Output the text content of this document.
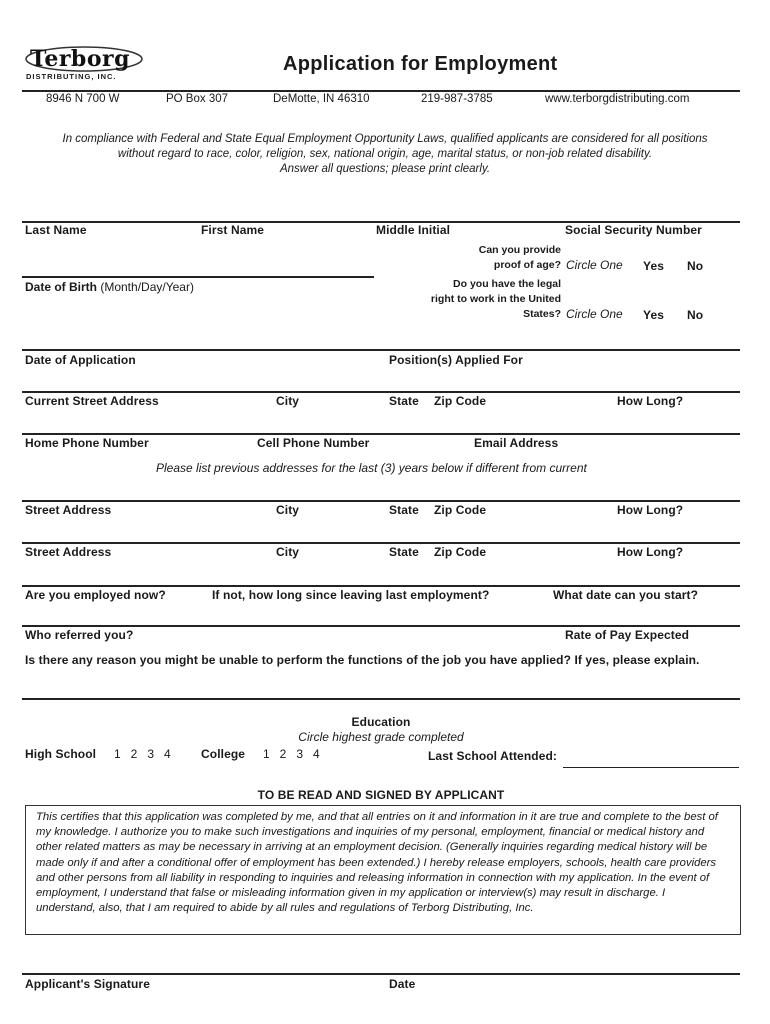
Terborg
DISTRIBUTING, INC.
Application for Employment
8946 N 700 W	PO Box 307	DeMotte, IN 46310	219-987-3785	www.terborgdistributing.com
In compliance with Federal and State Equal Employment Opportunity Laws, qualified applicants are considered for all positions
without regard to race, color, religion, sex, national origin, age, marital status, or non-job related disability.
Answer all questions; please print clearly.
Last Name	First Name	Middle Initial	Social Security Number
Can you provide
proof of age? Circle One Yes No
Date of Birth (Month/Day/Year)	Do you have the legal
right to work in the United
States? Circle One Yes No
Date of Application	Position(s) Applied For
Current Street Address	City	State Zip Code	How Long?
Home Phone Number	Cell Phone Number	Email Address
Please list previous addresses for the last (3) years below if different from current
Street Address	City	State Zip Code	How Long?
Street Address	City	State Zip Code	How Long?
Are you employed now?	If not, how long since leaving last employment?	What date can you start?
Who referred you?	Rate of Pay Expected
Is there any reason you might be unable to perform the functions of the job you have applied? If yes, please explain.
Education
Circle highest grade completed
High School 1   2   3   4	College 1   2   3   4	Last School Attended:
TO BE READ AND SIGNED BY APPLICANT
This certifies that this application was completed by me, and that all entries on it and information in it are true and complete to the best of my knowledge. I authorize you to make such investigations and inquiries of my personal, employment, financial or medical history and other related matters as may be necessary in arriving at an employment decision. (Generally inquiries regarding medical history will be made only if and after a conditional offer of employment has been extended.) I hereby release employers, schools, health care providers and other persons from all liability in responding to inquiries and releasing information in connection with my application. In the event of employment, I understand that false or misleading information given in my application or interview(s) may result in discharge. I understand, also, that I am required to abide by all rules and regulations of Terborg Distributing, Inc.
Applicant's Signature	Date
